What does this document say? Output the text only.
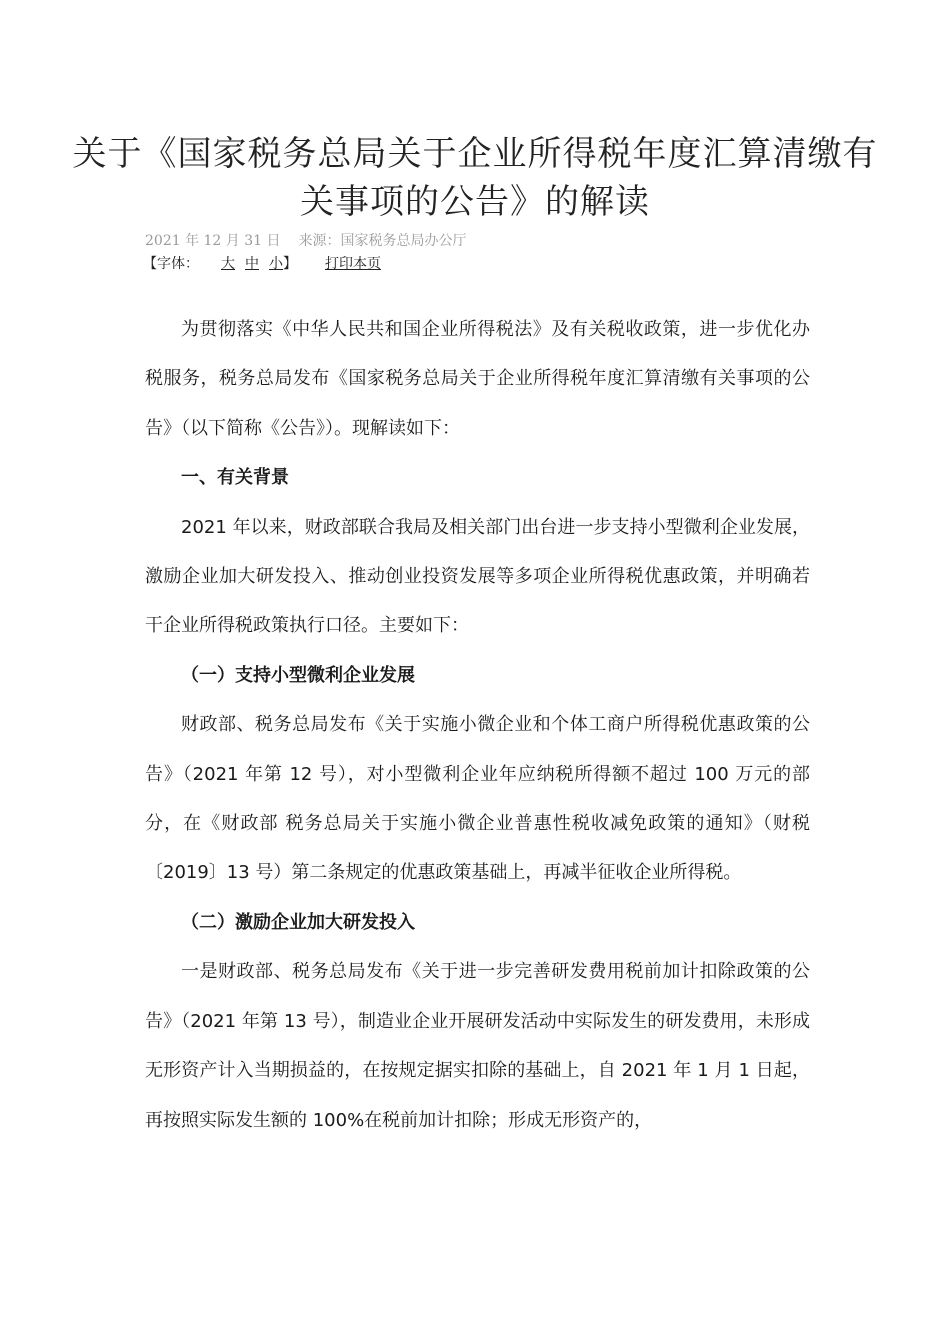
关于《国家税务总局关于企业所得税年度汇算清缴有关事项的公告》的解读
2021 年 12 月 31 日 来源：国家税务总局办公厅
【字体： 大 中 小】 打印本页

为贯彻落实《中华人民共和国企业所得税法》及有关税收政策，进一步优化办税服务，税务总局发布《国家税务总局关于企业所得税年度汇算清缴有关事项的公告》（以下简称《公告》）。现解读如下：

一、有关背景

2021 年以来，财政部联合我局及相关部门出台进一步支持小型微利企业发展，激励企业加大研发投入、推动创业投资发展等多项企业所得税优惠政策，并明确若干企业所得税政策执行口径。主要如下：

（一）支持小型微利企业发展

财政部、税务总局发布《关于实施小微企业和个体工商户所得税优惠政策的公告》（2021 年第 12 号），对小型微利企业年应纳税所得额不超过 100 万元的部分，在《财政部 税务总局关于实施小微企业普惠性税收减免政策的通知》（财税〔2019〕13 号）第二条规定的优惠政策基础上，再减半征收企业所得税。

（二）激励企业加大研发投入

一是财政部、税务总局发布《关于进一步完善研发费用税前加计扣除政策的公告》（2021 年第 13 号），制造业企业开展研发活动中实际发生的研发费用，未形成无形资产计入当期损益的，在按规定据实扣除的基础上，自 2021 年 1 月 1 日起，再按照实际发生额的 100%在税前加计扣除；形成无形资产的，
